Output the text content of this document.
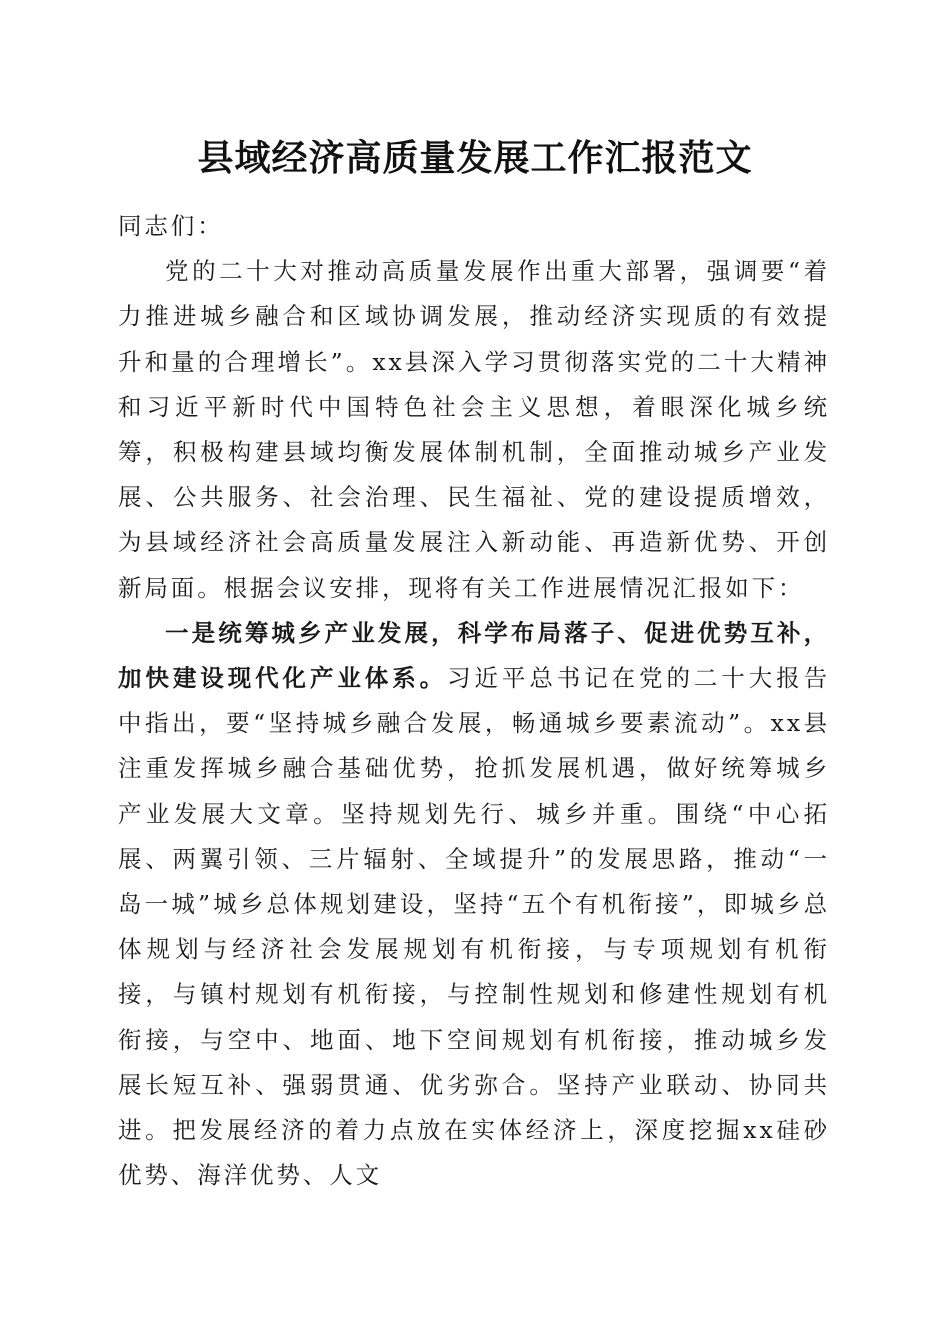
县域经济高质量发展工作汇报范文

同志们：

党的二十大对推动高质量发展作出重大部署，强调要“着力推进城乡融合和区域协调发展，推动经济实现质的有效提升和量的合理增长”。xx县深入学习贯彻落实党的二十大精神和习近平新时代中国特色社会主义思想，着眼深化城乡统筹，积极构建县域均衡发展体制机制，全面推动城乡产业发展、公共服务、社会治理、民生福祉、党的建设提质增效，为县域经济社会高质量发展注入新动能、再造新优势、开创新局面。根据会议安排，现将有关工作进展情况汇报如下：

一是统筹城乡产业发展，科学布局落子、促进优势互补，加快建设现代化产业体系。习近平总书记在党的二十大报告中指出，要“坚持城乡融合发展，畅通城乡要素流动”。xx县注重发挥城乡融合基础优势，抢抓发展机遇，做好统筹城乡产业发展大文章。坚持规划先行、城乡并重。围绕“中心拓展、两翼引领、三片辐射、全域提升”的发展思路，推动“一岛一城”城乡总体规划建设，坚持“五个有机衔接”，即城乡总体规划与经济社会发展规划有机衔接，与专项规划有机衔接，与镇村规划有机衔接，与控制性规划和修建性规划有机衔接，与空中、地面、地下空间规划有机衔接，推动城乡发展长短互补、强弱贯通、优劣弥合。坚持产业联动、协同共进。把发展经济的着力点放在实体经济上，深度挖掘xx硅砂优势、海洋优势、人文
